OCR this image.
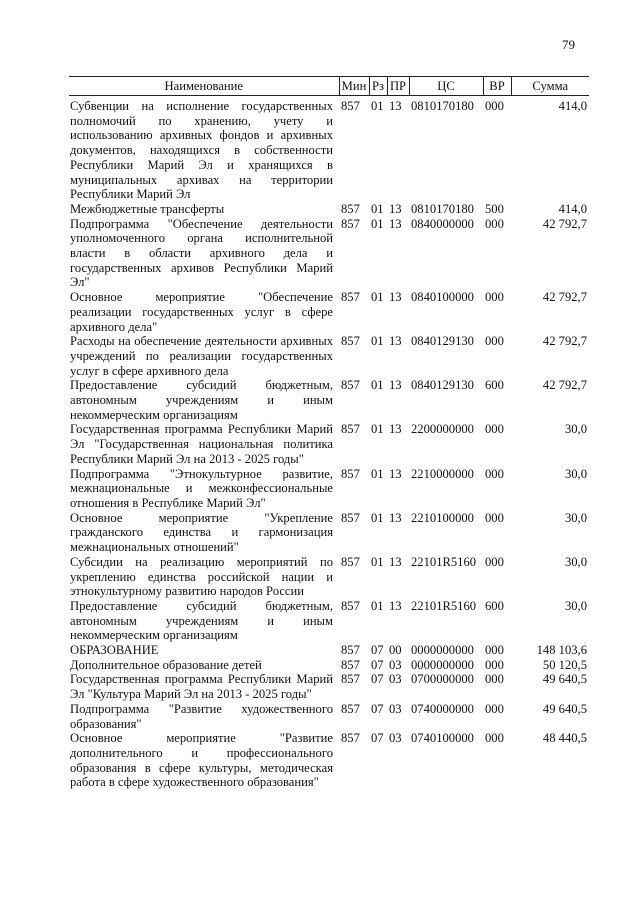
79
Наименование	Мин	Рз	ПР	ЦС	ВР	Сумма
Субвенции на исполнение государственных полномочий по хранению, учету и использованию архивных фондов и архивных документов, находящихся в собственности Республики Марий Эл и хранящихся в муниципальных архивах на территории Республики Марий Эл	857	01	13	0810170180	000	414,0
Межбюджетные трансферты	857	01	13	0810170180	500	414,0
Подпрограмма "Обеспечение деятельности уполномоченного органа исполнительной власти в области архивного дела и государственных архивов Республики Марий Эл"	857	01	13	0840000000	000	42 792,7
Основное мероприятие "Обеспечение реализации государственных услуг в сфере архивного дела"	857	01	13	0840100000	000	42 792,7
Расходы на обеспечение деятельности архивных учреждений по реализации государственных услуг в сфере архивного дела	857	01	13	0840129130	000	42 792,7
Предоставление субсидий бюджетным, автономным учреждениям и иным некоммерческим организациям	857	01	13	0840129130	600	42 792,7
Государственная программа Республики Марий Эл "Государственная национальная политика Республики Марий Эл на 2013 - 2025 годы"	857	01	13	2200000000	000	30,0
Подпрограмма "Этнокультурное развитие, межнациональные и межконфессиональные отношения в Республике Марий Эл"	857	01	13	2210000000	000	30,0
Основное мероприятие "Укрепление гражданского единства и гармонизация межнациональных отношений"	857	01	13	2210100000	000	30,0
Субсидии на реализацию мероприятий по укреплению единства российской нации и этнокультурному развитию народов России	857	01	13	22101R5160	000	30,0
Предоставление субсидий бюджетным, автономным учреждениям и иным некоммерческим организациям	857	01	13	22101R5160	600	30,0
ОБРАЗОВАНИЕ	857	07	00	0000000000	000	148 103,6
Дополнительное образование детей	857	07	03	0000000000	000	50 120,5
Государственная программа Республики Марий Эл "Культура Марий Эл на 2013 - 2025 годы"	857	07	03	0700000000	000	49 640,5
Подпрограмма "Развитие художественного образования"	857	07	03	0740000000	000	49 640,5
Основное мероприятие "Развитие дополнительного и профессионального образования в сфере культуры, методическая работа в сфере художественного образования"	857	07	03	0740100000	000	48 440,5
